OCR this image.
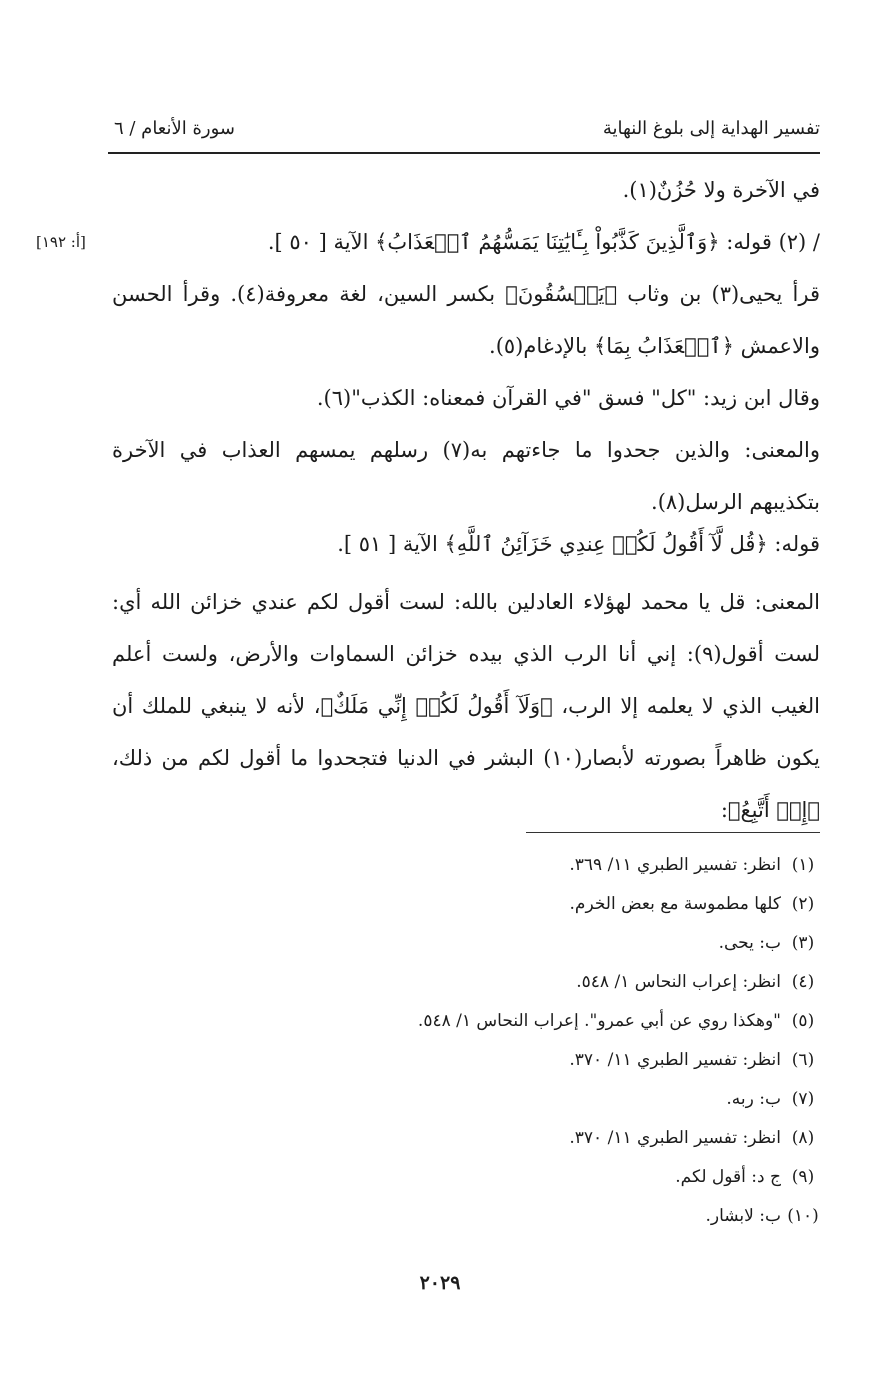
تفسير الهداية إلى بلوغ النهاية
سورة الأنعام / ٦
[أ: ١٩٢]

في الآخرة ولا حُزُنٌ(١).

/ (٢) قوله: ﴿وَٱلَّذِينَ كَذَّبُواْ بِـَٔايَٰتِنَا يَمَسُّهُمُ ٱلۡعَذَابُ﴾ الآية [ ٥٠ ].

قرأ يحيى(٣) بن وثاب ﴿يَفۡسُقُونَ﴾ بكسر السين، لغة معروفة(٤). وقرأ الحسن والاعمش ﴿ٱلۡعَذَابُ بِمَا﴾ بالإدغام(٥).

وقال ابن زيد: "كل" فسق "في القرآن فمعناه: الكذب"(٦).

والمعنى: والذين جحدوا ما جاءتهم به(٧) رسلهم يمسهم العذاب في الآخرة بتكذيبهم الرسل(٨).

قوله: ﴿قُل لَّآ أَقُولُ لَكُمۡ عِندِي خَزَآئِنُ ٱللَّهِ﴾ الآية [ ٥١ ].

المعنى: قل يا محمد لهؤلاء العادلين بالله: لست أقول لكم عندي خزائن الله أي: لست أقول(٩): إني أنا الرب الذي بيده خزائن السماوات والأرض، ولست أعلم الغيب الذي لا يعلمه إلا الرب، ﴿وَلَآ أَقُولُ لَكُمۡ إِنِّي مَلَكٌ﴾، لأنه لا ينبغي للملك أن يكون ظاهراً بصورته لأبصار(١٠) البشر في الدنيا فتجحدوا ما أقول لكم من ذلك، ﴿إِنۡ أَتَّبِعُ﴾:

(١)انظر: تفسير الطبري ١١/ ٣٦٩.
(٢)كلها مطموسة مع بعض الخرم.
(٣)ب: يحى.
(٤)انظر: إعراب النحاس ١/ ٥٤٨.
(٥)"وهكذا روي عن أبي عمرو". إعراب النحاس ١/ ٥٤٨.
(٦)انظر: تفسير الطبري ١١/ ٣٧٠.
(٧)ب: ربه.
(٨)انظر: تفسير الطبري ١١/ ٣٧٠.
(٩)ج د: أقول لكم.
(١٠)ب: لابشار.
٢٠٢٩
